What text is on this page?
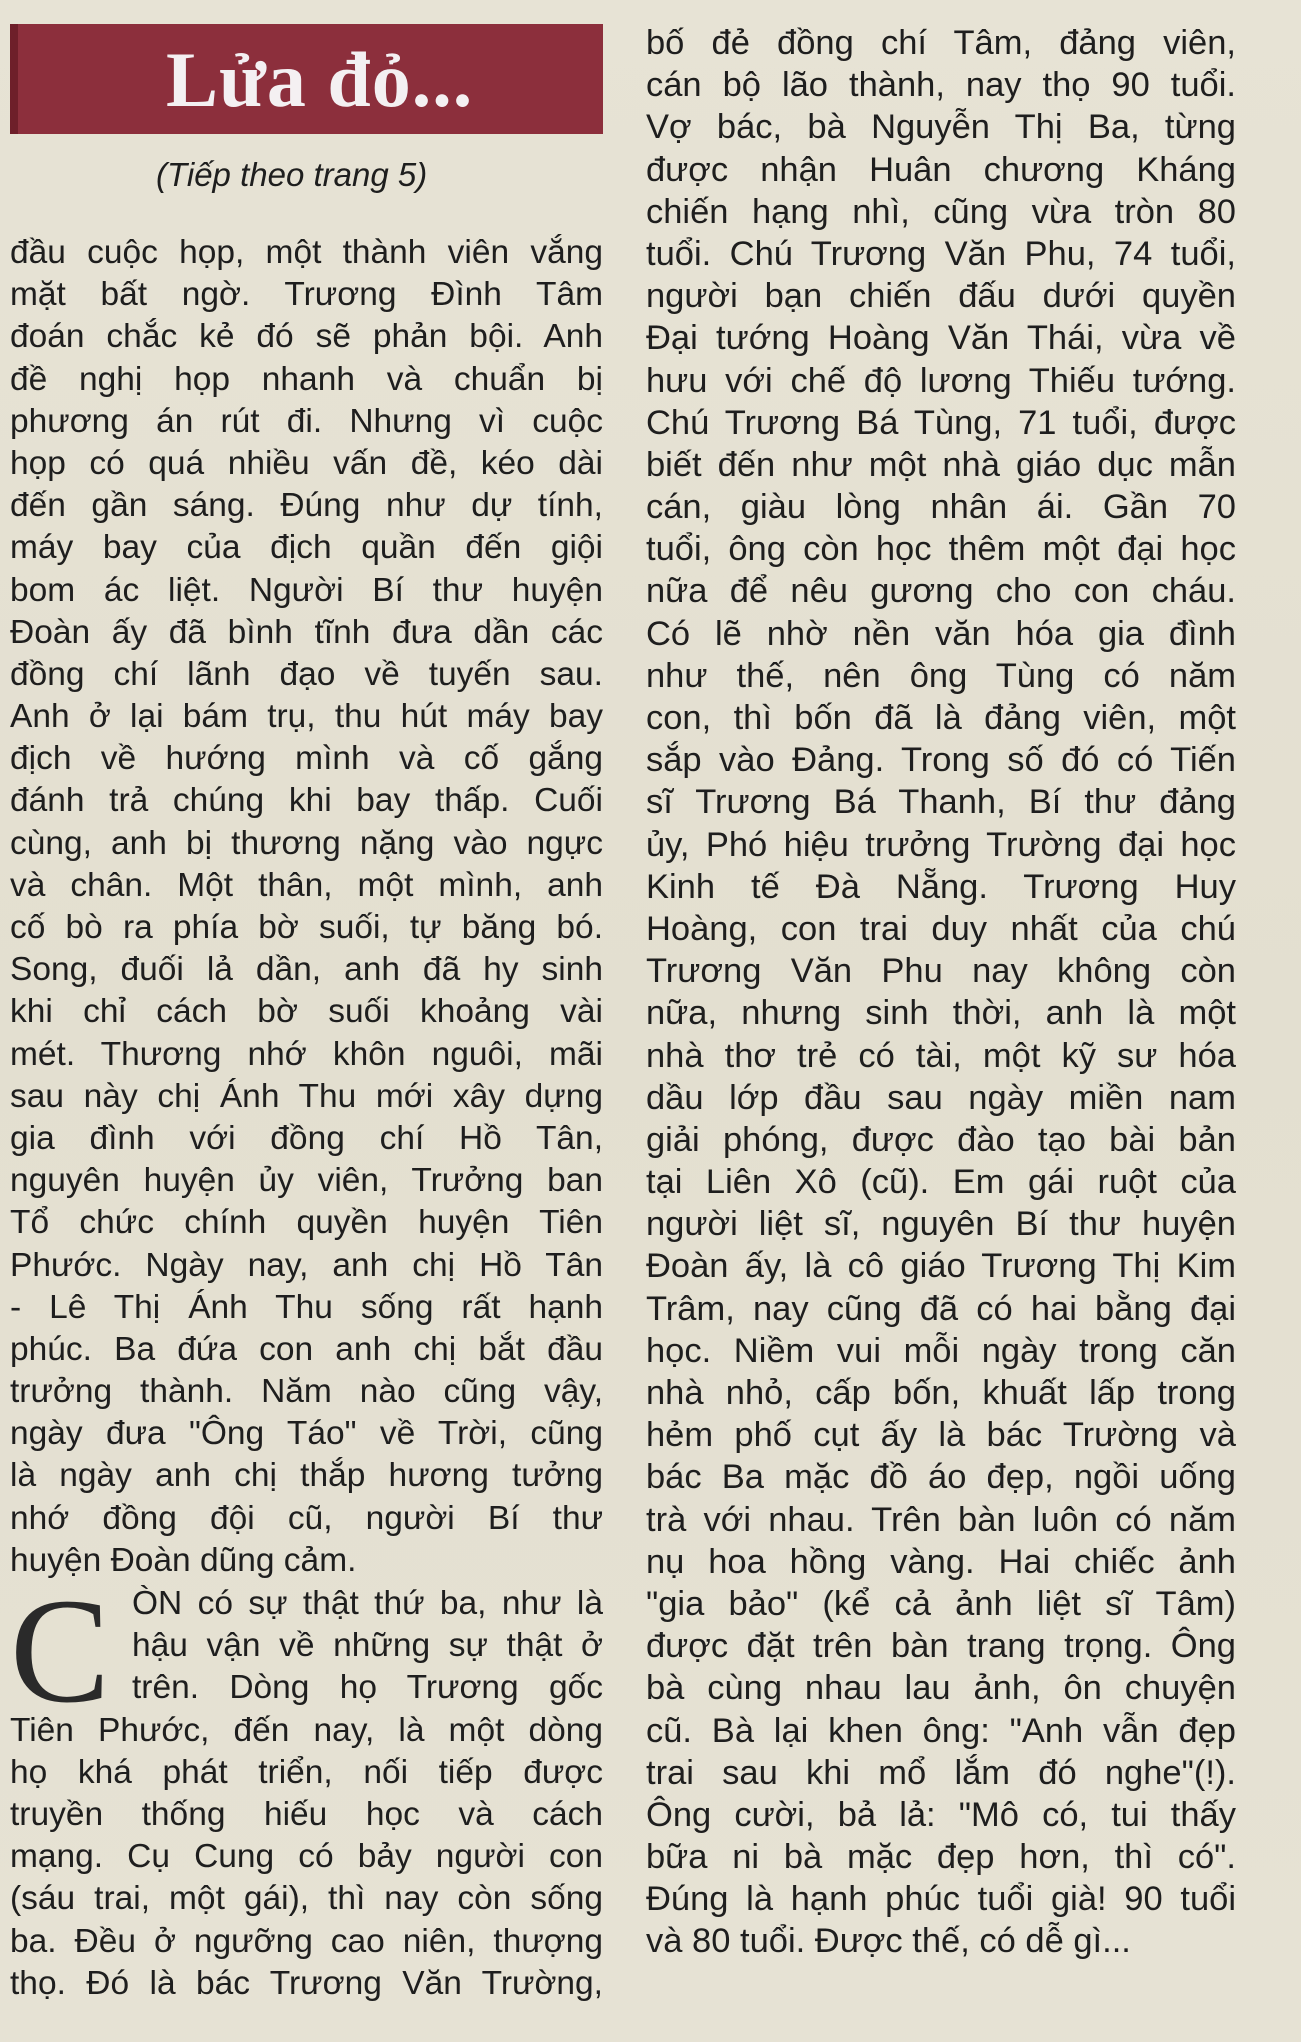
Lửa đỏ...
(Tiếp theo trang 5)
đầu cuộc họp, một thành viên vắng
mặt bất ngờ. Trương Đình Tâm
đoán chắc kẻ đó sẽ phản bội. Anh
đề nghị họp nhanh và chuẩn bị
phương án rút đi. Nhưng vì cuộc
họp có quá nhiều vấn đề, kéo dài
đến gần sáng. Đúng như dự tính,
máy bay của địch quần đến giội
bom ác liệt. Người Bí thư huyện
Đoàn ấy đã bình tĩnh đưa dần các
đồng chí lãnh đạo về tuyến sau.
Anh ở lại bám trụ, thu hút máy bay
địch về hướng mình và cố gắng
đánh trả chúng khi bay thấp. Cuối
cùng, anh bị thương nặng vào ngực
và chân. Một thân, một mình, anh
cố bò ra phía bờ suối, tự băng bó.
Song, đuối lả dần, anh đã hy sinh
khi chỉ cách bờ suối khoảng vài
mét. Thương nhớ khôn nguôi, mãi
sau này chị Ánh Thu mới xây dựng
gia đình với đồng chí Hồ Tân,
nguyên huyện ủy viên, Trưởng ban
Tổ chức chính quyền huyện Tiên
Phước. Ngày nay, anh chị Hồ Tân
- Lê Thị Ánh Thu sống rất hạnh
phúc. Ba đứa con anh chị bắt đầu
trưởng thành. Năm nào cũng vậy,
ngày đưa "Ông Táo" về Trời, cũng
là ngày anh chị thắp hương tưởng
nhớ đồng đội cũ, người Bí thư
huyện Đoàn dũng cảm.
C ÒN có sự thật thứ ba, như là
hậu vận về những sự thật ở
trên. Dòng họ Trương gốc
Tiên Phước, đến nay, là một dòng
họ khá phát triển, nối tiếp được
truyền thống hiếu học và cách
mạng. Cụ Cung có bảy người con
(sáu trai, một gái), thì nay còn sống
ba. Đều ở ngưỡng cao niên, thượng
thọ. Đó là bác Trương Văn Trường,
bố đẻ đồng chí Tâm, đảng viên,
cán bộ lão thành, nay thọ 90 tuổi.
Vợ bác, bà Nguyễn Thị Ba, từng
được nhận Huân chương Kháng
chiến hạng nhì, cũng vừa tròn 80
tuổi. Chú Trương Văn Phu, 74 tuổi,
người bạn chiến đấu dưới quyền
Đại tướng Hoàng Văn Thái, vừa về
hưu với chế độ lương Thiếu tướng.
Chú Trương Bá Tùng, 71 tuổi, được
biết đến như một nhà giáo dục mẫn
cán, giàu lòng nhân ái. Gần 70
tuổi, ông còn học thêm một đại học
nữa để nêu gương cho con cháu.
Có lẽ nhờ nền văn hóa gia đình
như thế, nên ông Tùng có năm
con, thì bốn đã là đảng viên, một
sắp vào Đảng. Trong số đó có Tiến
sĩ Trương Bá Thanh, Bí thư đảng
ủy, Phó hiệu trưởng Trường đại học
Kinh tế Đà Nẵng. Trương Huy
Hoàng, con trai duy nhất của chú
Trương Văn Phu nay không còn
nữa, nhưng sinh thời, anh là một
nhà thơ trẻ có tài, một kỹ sư hóa
dầu lớp đầu sau ngày miền nam
giải phóng, được đào tạo bài bản
tại Liên Xô (cũ). Em gái ruột của
người liệt sĩ, nguyên Bí thư huyện
Đoàn ấy, là cô giáo Trương Thị Kim
Trâm, nay cũng đã có hai bằng đại
học. Niềm vui mỗi ngày trong căn
nhà nhỏ, cấp bốn, khuất lấp trong
hẻm phố cụt ấy là bác Trường và
bác Ba mặc đồ áo đẹp, ngồi uống
trà với nhau. Trên bàn luôn có năm
nụ hoa hồng vàng. Hai chiếc ảnh
"gia bảo" (kể cả ảnh liệt sĩ Tâm)
được đặt trên bàn trang trọng. Ông
bà cùng nhau lau ảnh, ôn chuyện
cũ. Bà lại khen ông: "Anh vẫn đẹp
trai sau khi mổ lắm đó nghe"(!).
Ông cười, bả lả: "Mô có, tui thấy
bữa ni bà mặc đẹp hơn, thì có".
Đúng là hạnh phúc tuổi già! 90 tuổi
và 80 tuổi. Được thế, có dễ gì...
